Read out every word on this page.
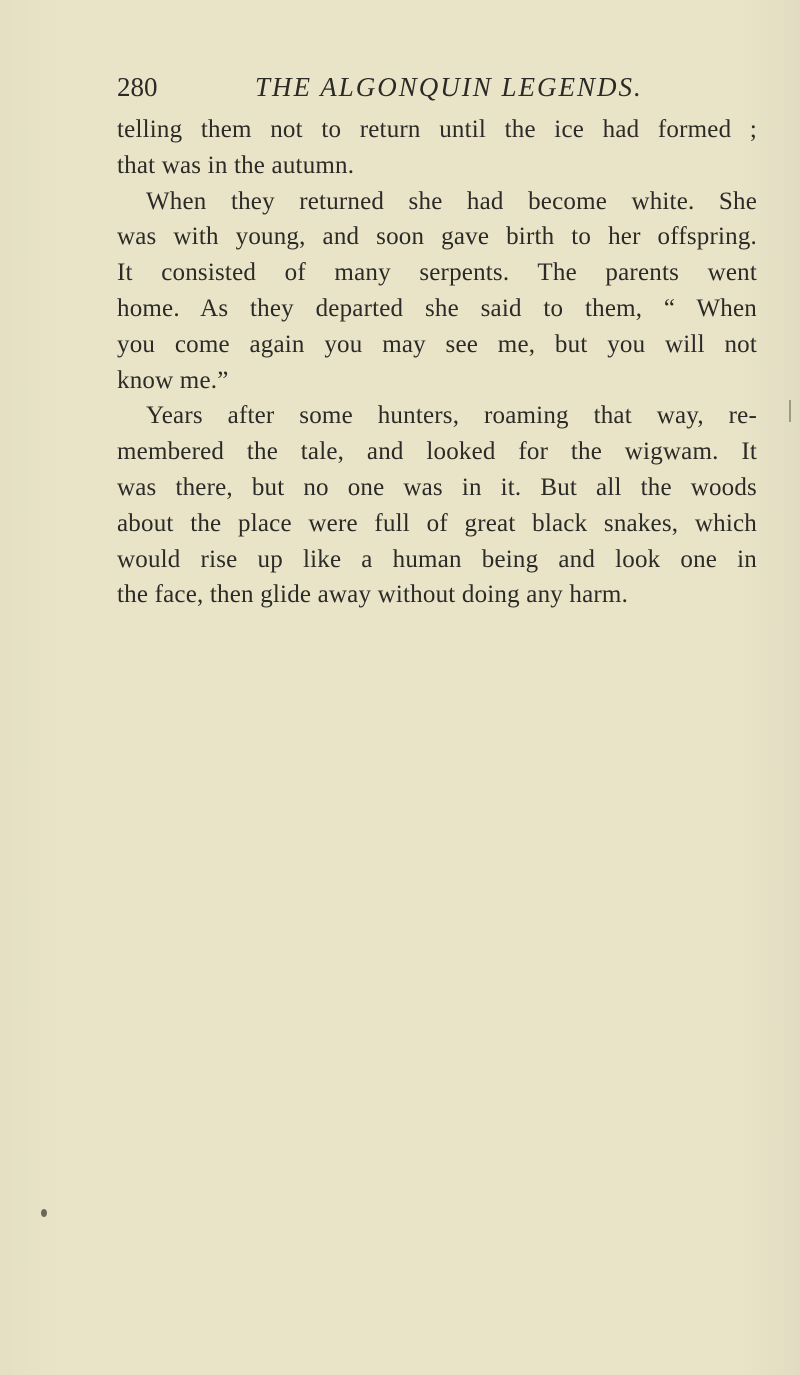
280	THE ALGONQUIN LEGENDS.
telling them not to return until the ice had formed ;
that was in the autumn.
When they returned she had become white. She
was with young, and soon gave birth to her offspring.
It consisted of many serpents. The parents went
home. As they departed she said to them, “ When
you come again you may see me, but you will not
know me.”
Years after some hunters, roaming that way, re-
membered the tale, and looked for the wigwam. It
was there, but no one was in it. But all the woods
about the place were full of great black snakes, which
would rise up like a human being and look one in
the face, then glide away without doing any harm.
